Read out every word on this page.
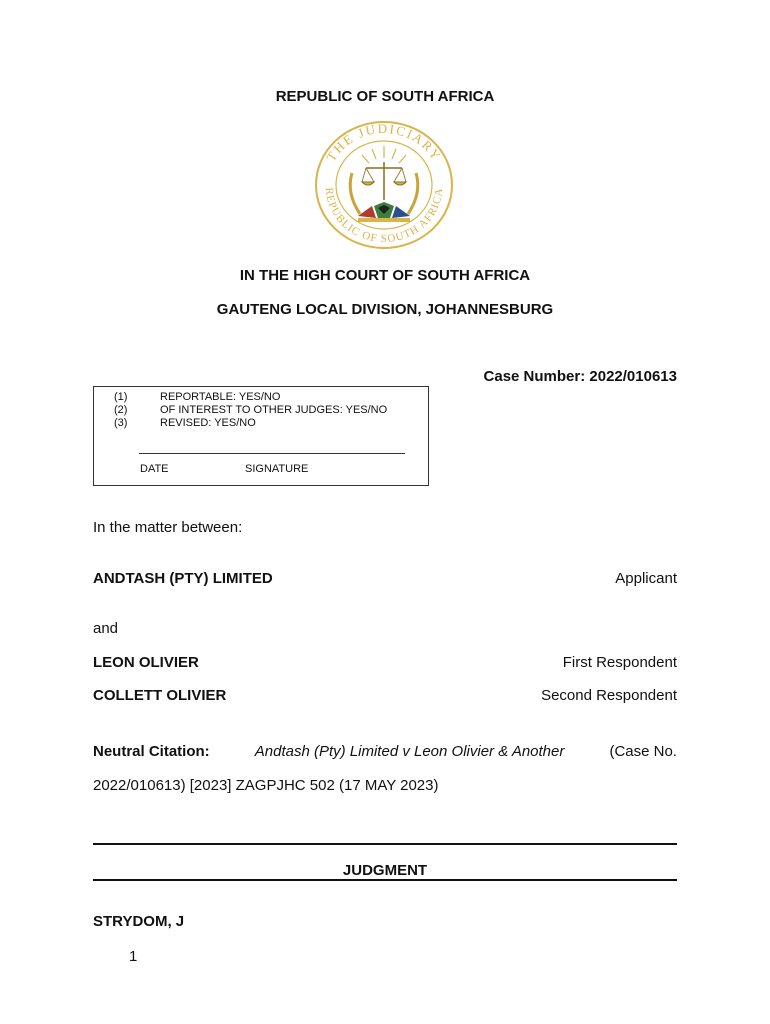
REPUBLIC OF SOUTH AFRICA
THE JUDICIARY
REPUBLIC OF SOUTH AFRICA
IN THE HIGH COURT OF SOUTH AFRICA
GAUTENG LOCAL DIVISION, JOHANNESBURG
Case Number: 2022/010613
(1)	REPORTABLE: YES/NO
(2)	OF INTEREST TO OTHER JUDGES: YES/NO
(3)	REVISED: YES/NO
DATE	SIGNATURE
In the matter between:
ANDTASH (PTY) LIMITED	Applicant
and
LEON OLIVIER	First Respondent
COLLETT OLIVIER	Second Respondent
Neutral Citation:	Andtash (Pty) Limited v Leon Olivier & Another	(Case No.
2022/010613) [2023] ZAGPJHC 502 (17 MAY 2023)
JUDGMENT
STRYDOM, J
1
